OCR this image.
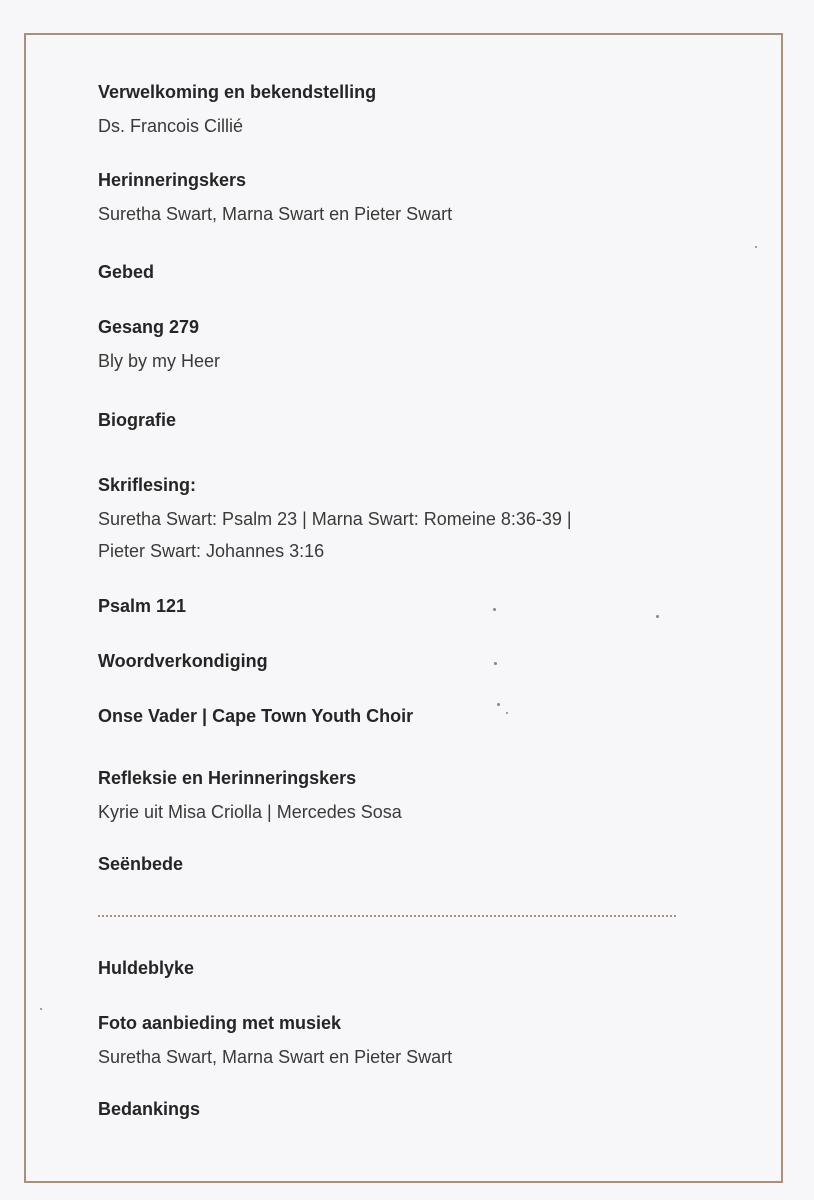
Verwelkoming en bekendstelling
Ds. Francois Cillié
Herinneringskers
Suretha Swart, Marna Swart en Pieter Swart
Gebed
Gesang 279
Bly by my Heer
Biografie
Skriflesing:
Suretha Swart: Psalm 23 | Marna Swart: Romeine 8:36-39 |
Pieter Swart: Johannes 3:16
Psalm 121
Woordverkondiging
Onse Vader | Cape Town Youth Choir
Refleksie en Herinneringskers
Kyrie uit Misa Criolla | Mercedes Sosa
Seënbede
Huldeblyke
Foto aanbieding met musiek
Suretha Swart, Marna Swart en Pieter Swart
Bedankings
